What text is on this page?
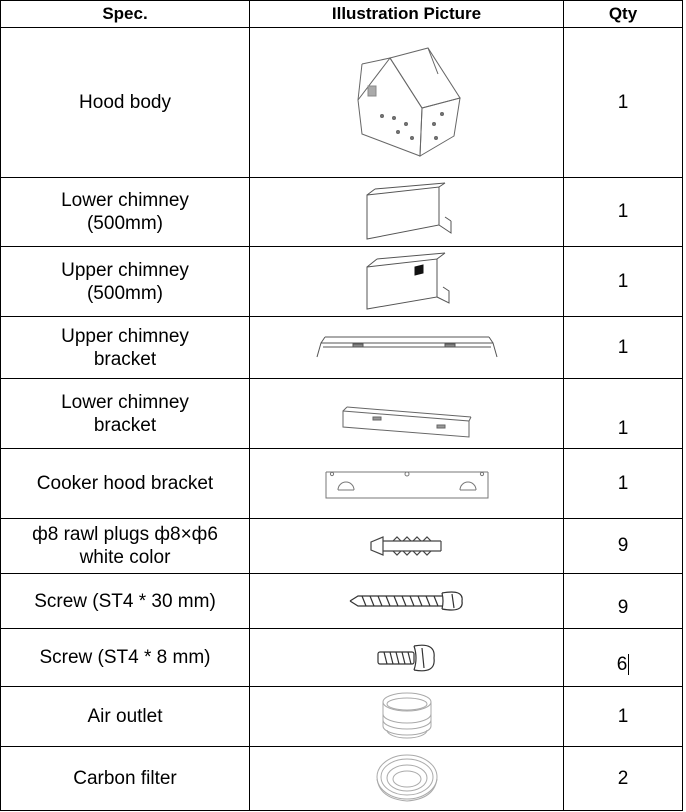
Spec.	Illustration Picture	Qty
Hood body		1
Lower chimney
(500mm)		1
Upper chimney
(500mm)		1
Upper chimney
bracket		1
Lower chimney
bracket		1
Cooker hood bracket		1
ф8 rawl plugs ф8×ф6
white color		9
Screw (ST4 * 30 mm)		9
Screw (ST4 * 8 mm)		6
Air outlet		1
Carbon filter		2
